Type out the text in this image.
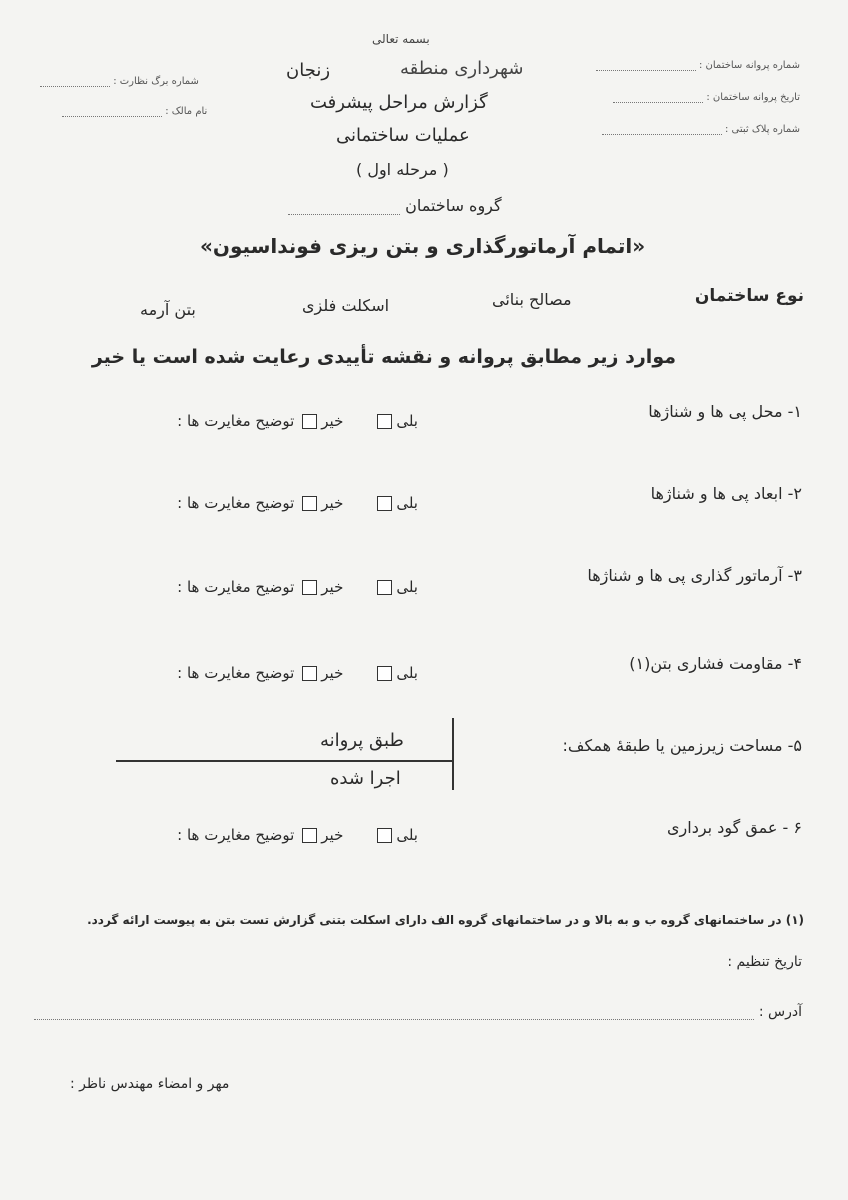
بسمه تعالی
شهرداری منطقه
زنجان
گزارش مراحل پیشرفت
عملیات ساختمانی
( مرحله اول )
گروه ساختمان
«اتمام آرماتورگذاری و بتن ریزی فونداسیون»
شماره پروانه ساختمان :
تاریخ پروانه ساختمان :
شماره پلاک ثبتی :
شماره برگ نظارت :
نام مالک :
نوع ساختمان
مصالح بنائی
اسکلت فلزی
بتن آرمه
موارد زیر مطابق پروانه و نقشه تأییدی رعایت شده است یا خیر
۱- محل پی ها و شناژها
بلی
خیر
توضیح مغایرت ها :
۲- ابعاد پی ها و شناژها
بلی
خیر
توضیح مغایرت ها :
۳- آرماتور گذاری پی ها و شناژها
بلی
خیر
توضیح مغایرت ها :
۴- مقاومت فشاری بتن(۱)
بلی
خیر
توضیح مغایرت ها :
۵- مساحت زیرزمین یا طبقهٔ همکف:
طبق پروانه
اجرا شده
۶ - عمق گود برداری
بلی
خیر
توضیح مغایرت ها :
(۱) در ساختمانهای گروه ب و به بالا و در ساختمانهای گروه الف دارای اسکلت بتنی گزارش تست بتن به پیوست ارائه گردد.
تاریخ تنظیم :
آدرس :
مهر و امضاء مهندس ناظر :
